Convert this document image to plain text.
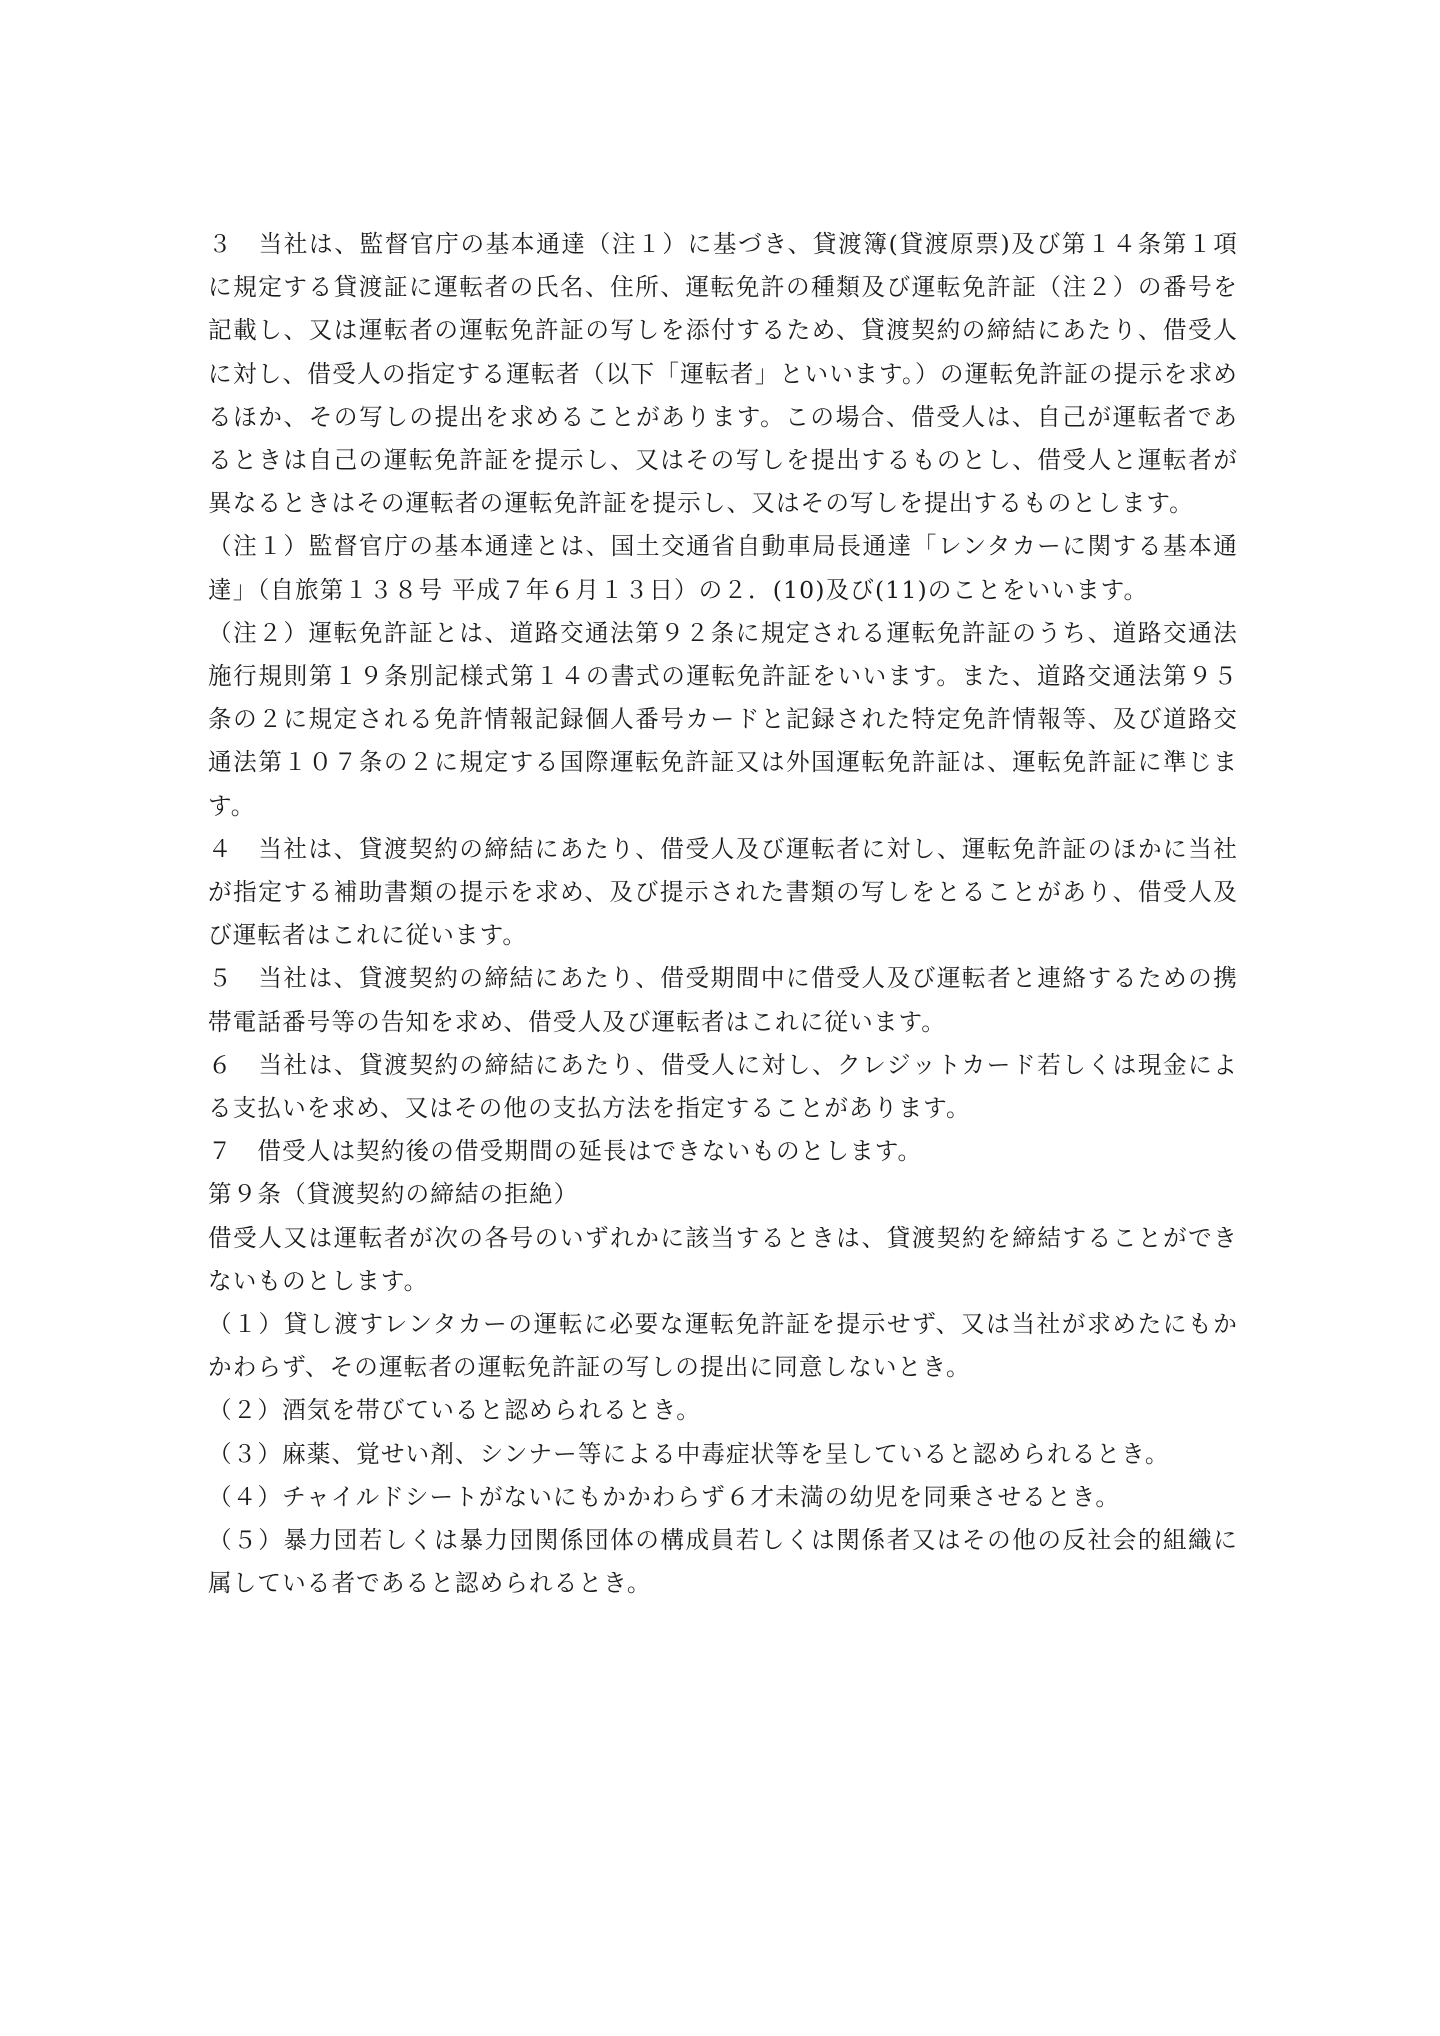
３　当社は、監督官庁の基本通達（注１）に基づき、貸渡簿(貸渡原票)及び第１４条第１項に規定する貸渡証に運転者の氏名、住所、運転免許の種類及び運転免許証（注２）の番号を記載し、又は運転者の運転免許証の写しを添付するため、貸渡契約の締結にあたり、借受人に対し、借受人の指定する運転者（以下「運転者」といいます。）の運転免許証の提示を求めるほか、その写しの提出を求めることがあります。この場合、借受人は、自己が運転者であるときは自己の運転免許証を提示し、又はその写しを提出するものとし、借受人と運転者が異なるときはその運転者の運転免許証を提示し、又はその写しを提出するものとします。

（注１）監督官庁の基本通達とは、国土交通省自動車局長通達「レンタカーに関する基本通達」（自旅第１３８号 平成７年６月１３日）の２．(10)及び(11)のことをいいます。

（注２）運転免許証とは、道路交通法第９２条に規定される運転免許証のうち、道路交通法施行規則第１９条別記様式第１４の書式の運転免許証をいいます。また、道路交通法第９５条の２に規定される免許情報記録個人番号カードと記録された特定免許情報等、及び道路交通法第１０７条の２に規定する国際運転免許証又は外国運転免許証は、運転免許証に準じます。

４　当社は、貸渡契約の締結にあたり、借受人及び運転者に対し、運転免許証のほかに当社が指定する補助書類の提示を求め、及び提示された書類の写しをとることがあり、借受人及び運転者はこれに従います。

５　当社は、貸渡契約の締結にあたり、借受期間中に借受人及び運転者と連絡するための携帯電話番号等の告知を求め、借受人及び運転者はこれに従います。

６　当社は、貸渡契約の締結にあたり、借受人に対し、クレジットカード若しくは現金による支払いを求め、又はその他の支払方法を指定することがあります。

７　借受人は契約後の借受期間の延長はできないものとします。

第９条（貸渡契約の締結の拒絶）

借受人又は運転者が次の各号のいずれかに該当するときは、貸渡契約を締結することができないものとします。

（１）貸し渡すレンタカーの運転に必要な運転免許証を提示せず、又は当社が求めたにもかかわらず、その運転者の運転免許証の写しの提出に同意しないとき。

（２）酒気を帯びていると認められるとき。

（３）麻薬、覚せい剤、シンナー等による中毒症状等を呈していると認められるとき。

（４）チャイルドシートがないにもかかわらず６才未満の幼児を同乗させるとき。

（５）暴力団若しくは暴力団関係団体の構成員若しくは関係者又はその他の反社会的組織に属している者であると認められるとき。
